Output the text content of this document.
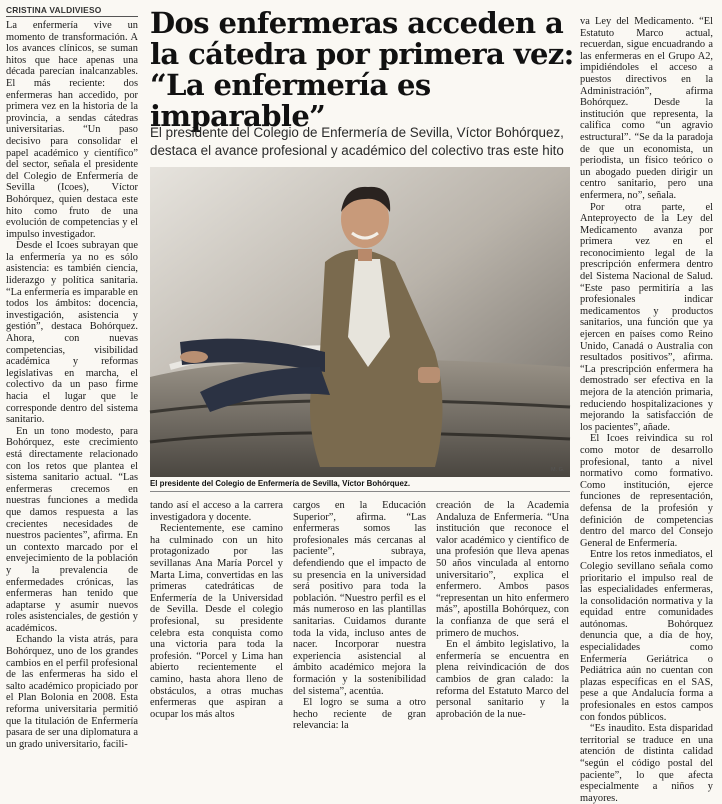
CRISTINA VALDIVIESO

La enfermería vive un momento de transformación. A los avances clínicos, se suman hitos que hace apenas una década parecían inalcanzables. El más reciente: dos enfermeras han accedido, por primera vez en la historia de la provincia, a sendas cátedras universitarias. “Un paso decisivo para consolidar el papel académico y científico” del sector, señala el presidente del Colegio de Enfermería de Sevilla (Icoes), Víctor Bohórquez, quien destaca este hito como fruto de una evolución de competencias y el impulso investigador.

Desde el Icoes subrayan que la enfermería ya no es sólo asistencia: es también ciencia, liderazgo y política sanitaria. “La enfermería es imparable en todos los ámbitos: docencia, investigación, asistencia y gestión”, destaca Bohórquez. Ahora, con nuevas competencias, visibilidad académica y reformas legislativas en marcha, el colectivo da un paso firme hacia el lugar que le corresponde dentro del sistema sanitario.

En un tono modesto, para Bohórquez, este crecimiento está directamente relacionado con los retos que plantea el sistema sanitario actual. “Las enfermeras crecemos en nuestras funciones a medida que damos respuesta a las crecientes necesidades de nuestros pacientes”, afirma. En un contexto marcado por el envejecimiento de la población y la prevalencia de enfermedades crónicas, las enfermeras han tenido que adaptarse y asumir nuevos roles asistenciales, de gestión y académicos.

Echando la vista atrás, para Bohórquez, uno de los grandes cambios en el perfil profesional de las enfermeras ha sido el salto académico propiciado por el Plan Bolonia en 2008. Esta reforma universitaria permitió que la titulación de Enfermería pasara de ser una diplomatura a un grado universitario, facili-

Dos enfermeras acceden a
la cátedra por primera vez:
“La enfermería es imparable”
El presidente del Colegio de Enfermería de Sevilla, Víctor Bohórquez, destaca el avance profesional y académico del colectivo tras este hito
M. G.
El presidente del Colegio de Enfermería de Sevilla, Víctor Bohórquez.

tando así el acceso a la carrera investigadora y docente.

Recientemente, ese camino ha culminado con un hito protagonizado por las sevillanas Ana María Porcel y Marta Lima, convertidas en las primeras catedráticas de Enfermería de la Universidad de Sevilla. Desde el colegio profesional, su presidente celebra esta conquista como una victoria para toda la profesión. “Porcel y Lima han abierto recientemente el camino, hasta ahora lleno de obstáculos, a otras muchas enfermeras que aspiran a ocupar los más altos

cargos en la Educación Superior”, afirma. “Las enfermeras somos las profesionales más cercanas al paciente”, subraya, defendiendo que el impacto de su presencia en la universidad será positivo para toda la población. “Nuestro perfil es el más numeroso en las plantillas sanitarias. Cuidamos durante toda la vida, incluso antes de nacer. Incorporar nuestra experiencia asistencial al ámbito académico mejora la formación y la sostenibilidad del sistema”, acentúa.

El logro se suma a otro hecho reciente de gran relevancia: la

creación de la Academia Andaluza de Enfermería. “Una institución que reconoce el valor académico y científico de una profesión que lleva apenas 50 años vinculada al entorno universitario”, explica el enfermero. Ambos pasos “representan un hito enfermero más”, apostilla Bohórquez, con la confianza de que será el primero de muchos.

En el ámbito legislativo, la enfermería se encuentra en plena reivindicación de dos cambios de gran calado: la reforma del Estatuto Marco del personal sanitario y la aprobación de la nue-

va Ley del Medicamento. “El Estatuto Marco actual, recuerdan, sigue encuadrando a las enfermeras en el Grupo A2, impidiéndoles el acceso a puestos directivos en la Administración”, afirma Bohórquez. Desde la institución que representa, la califica como “un agravio estructural”. “Se da la paradoja de que un economista, un periodista, un físico teórico o un abogado pueden dirigir un centro sanitario, pero una enfermera, no”, señala.

Por otra parte, el Anteproyecto de la Ley del Medicamento avanza por primera vez en el reconocimiento legal de la prescripción enfermera dentro del Sistema Nacional de Salud. “Este paso permitiría a las profesionales indicar medicamentos y productos sanitarios, una función que ya ejercen en países como Reino Unido, Canadá o Australia con resultados positivos”, afirma. “La prescripción enfermera ha demostrado ser efectiva en la mejora de la atención primaria, reduciendo hospitalizaciones y mejorando la satisfacción de los pacientes”, añade.

El Icoes reivindica su rol como motor de desarrollo profesional, tanto a nivel normativo como formativo. Como institución, ejerce funciones de representación, defensa de la profesión y definición de competencias dentro del marco del Consejo General de Enfermería.

Entre los retos inmediatos, el Colegio sevillano señala como prioritario el impulso real de las especialidades enfermeras, la consolidación normativa y la equidad entre comunidades autónomas. Bohórquez denuncia que, a día de hoy, especialidades como Enfermería Geriátrica o Pediátrica aún no cuentan con plazas específicas en el SAS, pese a que Andalucía forma a profesionales en estos campos con fondos públicos.

“Es inaudito. Esta disparidad territorial se traduce en una atención de distinta calidad “según el código postal del paciente”, lo que afecta especialmente a niños y mayores.
